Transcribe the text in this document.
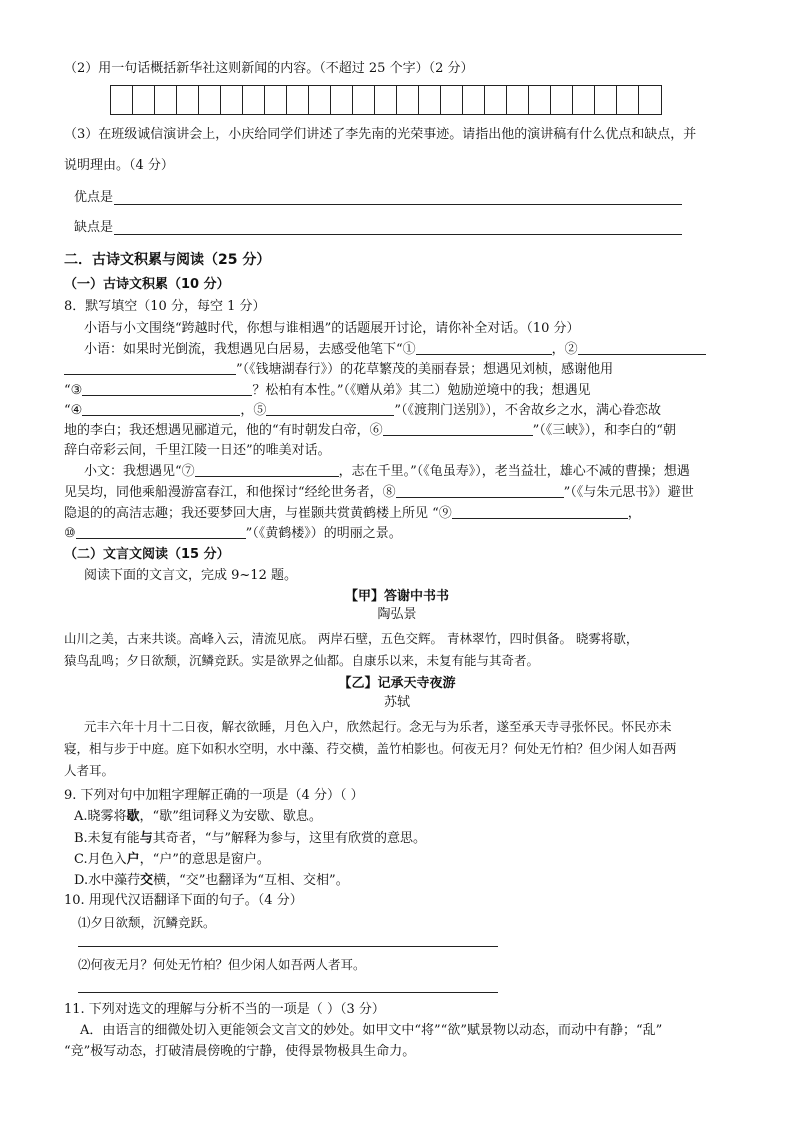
（2）用一句话概括新华社这则新闻的内容。（不超过 25 个字）（2 分）
（3）在班级诚信演讲会上，小庆给同学们讲述了李先南的光荣事迹。请指出他的演讲稿有什么优点和缺点，并
说明理由。（4 分）
优点是
缺点是
二．古诗文积累与阅读（25 分）
（一）古诗文积累（10 分）
8．默写填空（10 分，每空 1 分）
小语与小文围绕“跨越时代，你想与谁相遇”的话题展开讨论，请你补全对话。（10 分）
小语：如果时光倒流，我想遇见白居易，去感受他笔下“①	，②
”（《钱塘湖春行》）的花草繁茂的美丽春景；想遇见刘桢，感谢他用
“③	？松柏有本性。”（《赠从弟》其二）勉励逆境中的我；想遇见
“④	，⑤	”（《渡荆门送别》），不舍故乡之水，满心眷恋故
地的李白；我还想遇见郦道元，他的“有时朝发白帝，⑥	”（《三峡》），和李白的“朝
辞白帝彩云间，千里江陵一日还”的唯美对话。
小文：我想遇见“⑦	，志在千里。”（《龟虽寿》），老当益壮，雄心不减的曹操；想遇
见吴均，同他乘船漫游富春江，和他探讨“经纶世务者，⑧	”（《与朱元思书》）避世
隐退的的高洁志趣；我还要梦回大唐，与崔颢共赏黄鹤楼上所见 “⑨	，
⑩	”（《黄鹤楼》）的明丽之景。
（二）文言文阅读（15 分）
阅读下面的文言文，完成 9~12 题。
【甲】答谢中书书
陶弘景
山川之美，古来共谈。高峰入云，清流见底。 两岸石壁，五色交辉。 青林翠竹，四时俱备。 晓雾将歇，
猿鸟乱鸣；夕日欲颓，沉鳞竞跃。实是欲界之仙都。自康乐以来，未复有能与其奇者。
【乙】记承天寺夜游
苏轼
元丰六年十月十二日夜，解衣欲睡，月色入户，欣然起行。念无与为乐者，遂至承天寺寻张怀民。怀民亦未
寝，相与步于中庭。庭下如积水空明，水中藻、荇交横，盖竹柏影也。何夜无月？何处无竹柏？但少闲人如吾两
人者耳。
9. 下列对句中加粗字理解正确的一项是（4 分）（ ）
A.晓雾将歇，“歇”组词释义为安歇、歇息。
B.未复有能与其奇者，“与”解释为参与，这里有欣赏的意思。
C.月色入户，“户”的意思是窗户。
D.水中藻荇交横，“交”也翻译为“互相、交相”。
10. 用现代汉语翻译下面的句子。（4 分）
⑴夕日欲颓，沉鳞竞跃。
⑵何夜无月？何处无竹柏？但少闲人如吾两人者耳。
11. 下列对选文的理解与分析不当的一项是（ ）（3 分）
A．由语言的细微处切入更能领会文言文的妙处。如甲文中“将”“欲”赋景物以动态，而动中有静；“乱”
“竞”极写动态，打破清晨傍晚的宁静，使得景物极具生命力。
